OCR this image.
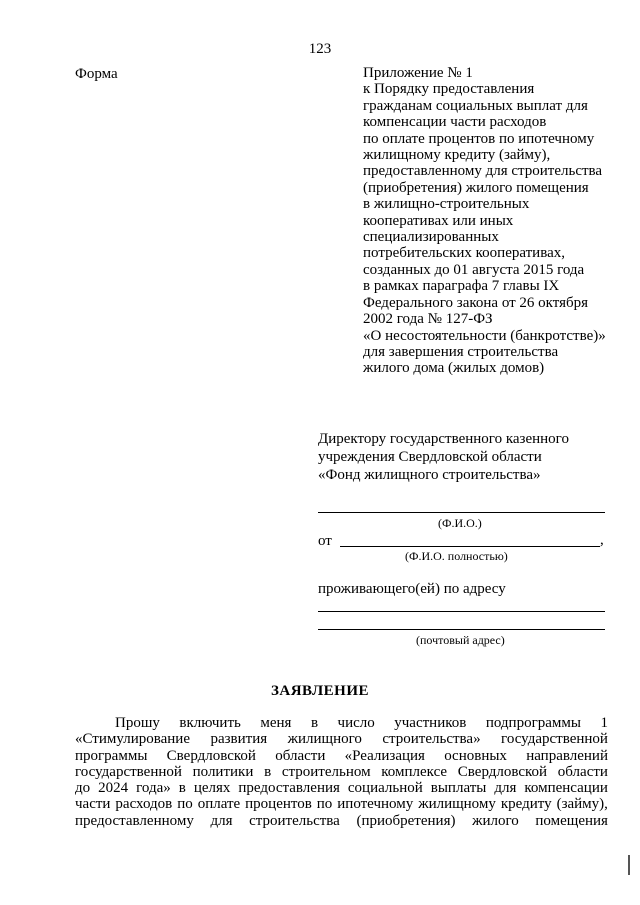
123
Форма	Приложение № 1
к Порядку предоставления
гражданам социальных выплат для
компенсации части расходов
по оплате процентов по ипотечному
жилищному кредиту (займу),
предоставленному для строительства
(приобретения) жилого помещения
в жилищно-строительных
кооперативах или иных
специализированных
потребительских кооперативах,
созданных до 01 августа 2015 года
в рамках параграфа 7 главы IX
Федерального закона от 26 октября
2002 года № 127-ФЗ
«О несостоятельности (банкротстве)»
для завершения строительства
жилого дома (жилых домов)
Директору государственного казенного
учреждения Свердловской области
«Фонд жилищного строительства»
(Ф.И.О.)
от	,
(Ф.И.О. полностью)
проживающего(ей) по адресу
(почтовый адрес)
ЗАЯВЛЕНИЕ
Прошу включить меня в число участников подпрограммы 1
«Стимулирование развития жилищного строительства» государственной
программы Свердловской области «Реализация основных направлений
государственной политики в строительном комплексе Свердловской области
до 2024 года» в целях предоставления социальной выплаты для компенсации
части расходов по оплате процентов по ипотечному жилищному кредиту (займу),
предоставленному для строительства (приобретения) жилого помещения
